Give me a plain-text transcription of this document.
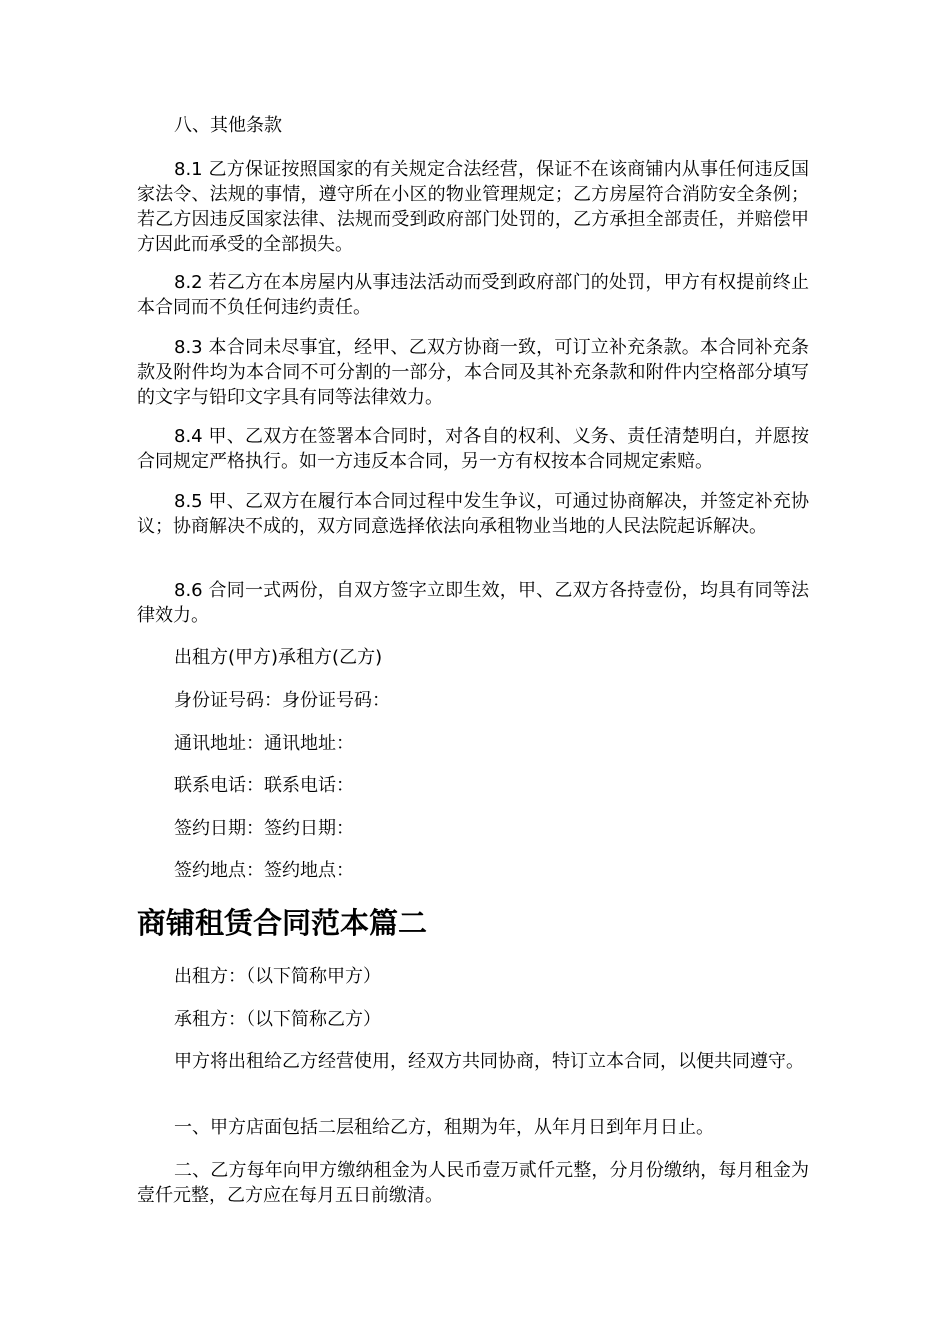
八、其他条款

8.1 乙方保证按照国家的有关规定合法经营，保证不在该商铺内从事任何违反国家法令、法规的事情，遵守所在小区的物业管理规定；乙方房屋符合消防安全条例；若乙方因违反国家法律、法规而受到政府部门处罚的，乙方承担全部责任，并赔偿甲方因此而承受的全部损失。

8.2 若乙方在本房屋内从事违法活动而受到政府部门的处罚，甲方有权提前终止本合同而不负任何违约责任。

8.3 本合同未尽事宜，经甲、乙双方协商一致，可订立补充条款。本合同补充条款及附件均为本合同不可分割的一部分，本合同及其补充条款和附件内空格部分填写的文字与铅印文字具有同等法律效力。

8.4 甲、乙双方在签署本合同时，对各自的权利、义务、责任清楚明白，并愿按合同规定严格执行。如一方违反本合同，另一方有权按本合同规定索赔。

8.5 甲、乙双方在履行本合同过程中发生争议，可通过协商解决，并签定补充协议；协商解决不成的，双方同意选择依法向承租物业当地的人民法院起诉解决。

8.6 合同一式两份，自双方签字立即生效，甲、乙双方各持壹份，均具有同等法律效力。

出租方(甲方)承租方(乙方)

身份证号码：身份证号码：

通讯地址：通讯地址：

联系电话：联系电话：

签约日期：签约日期：

签约地点：签约地点：

商铺租赁合同范本篇二

出租方：（以下简称甲方）

承租方：（以下简称乙方）

甲方将出租给乙方经营使用，经双方共同协商，特订立本合同，以便共同遵守。

一、甲方店面包括二层租给乙方，租期为年，从年月日到年月日止。

二、乙方每年向甲方缴纳租金为人民币壹万贰仟元整，分月份缴纳，每月租金为壹仟元整，乙方应在每月五日前缴清。
